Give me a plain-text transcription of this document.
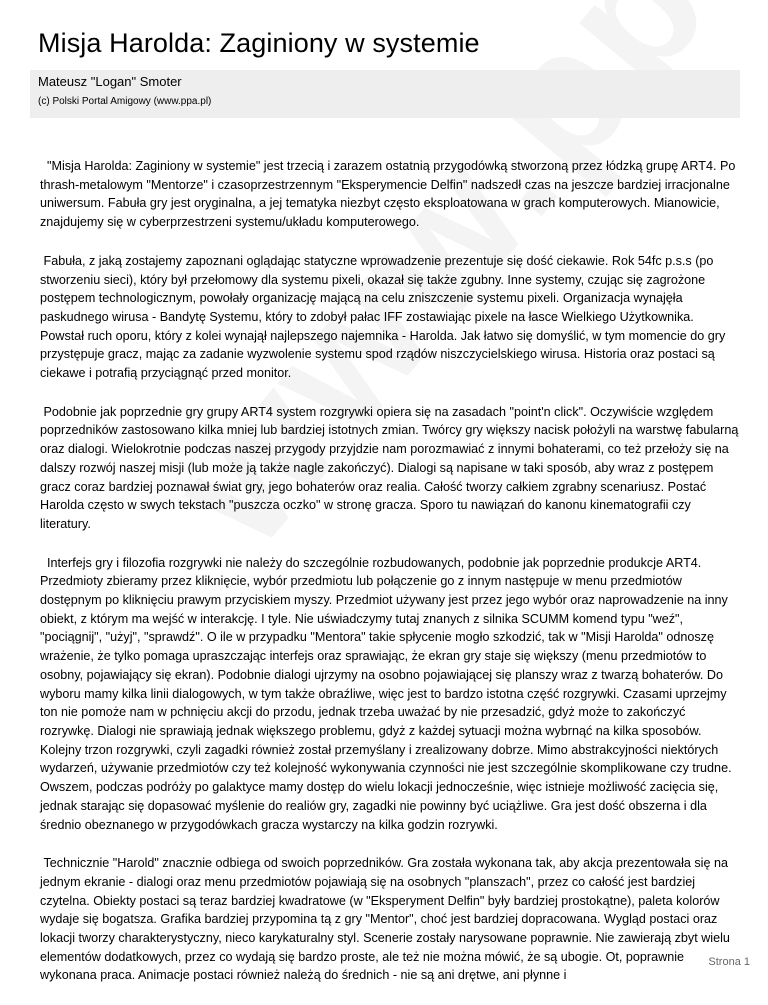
Misja Harolda: Zaginiony w systemie
Mateusz "Logan" Smoter
(c) Polski Portal Amigowy (www.ppa.pl)

"Misja Harolda: Zaginiony w systemie" jest trzecią i zarazem ostatnią przygodówką stworzoną przez łódzką grupę ART4. Po thrash-metalowym "Mentorze" i czasoprzestrzennym "Eksperymencie Delfin" nadszedł czas na jeszcze bardziej irracjonalne uniwersum. Fabuła gry jest oryginalna, a jej tematyka niezbyt często eksploatowana w grach komputerowych. Mianowicie, znajdujemy się w cyberprzestrzeni systemu/układu komputerowego.

Fabuła, z jaką zostajemy zapoznani oglądając statyczne wprowadzenie prezentuje się dość ciekawie. Rok 54fc p.s.s (po stworzeniu sieci), który był przełomowy dla systemu pixeli, okazał się także zgubny. Inne systemy, czując się zagrożone postępem technologicznym, powołały organizację mającą na celu zniszczenie systemu pixeli. Organizacja wynajęła paskudnego wirusa - Bandytę Systemu, który to zdobył pałac IFF zostawiając pixele na łasce Wielkiego Użytkownika. Powstał ruch oporu, który z kolei wynajął najlepszego najemnika - Harolda. Jak łatwo się domyślić, w tym momencie do gry przystępuje gracz, mając za zadanie wyzwolenie systemu spod rządów niszczycielskiego wirusa. Historia oraz postaci są ciekawe i potrafią przyciągnąć przed monitor.

Podobnie jak poprzednie gry grupy ART4 system rozgrywki opiera się na zasadach "point'n click". Oczywiście względem poprzedników zastosowano kilka mniej lub bardziej istotnych zmian. Twórcy gry większy nacisk położyli na warstwę fabularną oraz dialogi. Wielokrotnie podczas naszej przygody przyjdzie nam porozmawiać z innymi bohaterami, co też przełoży się na dalszy rozwój naszej misji (lub może ją także nagle zakończyć). Dialogi są napisane w taki sposób, aby wraz z postępem gracz coraz bardziej poznawał świat gry, jego bohaterów oraz realia. Całość tworzy całkiem zgrabny scenariusz. Postać Harolda często w swych tekstach "puszcza oczko" w stronę gracza. Sporo tu nawiązań do kanonu kinematografii czy literatury.

Interfejs gry i filozofia rozgrywki nie należy do szczególnie rozbudowanych, podobnie jak poprzednie produkcje ART4. Przedmioty zbieramy przez kliknięcie, wybór przedmiotu lub połączenie go z innym następuje w menu przedmiotów dostępnym po kliknięciu prawym przyciskiem myszy. Przedmiot używany jest przez jego wybór oraz naprowadzenie na inny obiekt, z którym ma wejść w interakcję. I tyle. Nie uświadczymy tutaj znanych z silnika SCUMM komend typu "weź", "pociągnij", "użyj", "sprawdź". O ile w przypadku "Mentora" takie spłycenie mogło szkodzić, tak w "Misji Harolda" odnoszę wrażenie, że tylko pomaga upraszczając interfejs oraz sprawiając, że ekran gry staje się większy (menu przedmiotów to osobny, pojawiający się ekran). Podobnie dialogi ujrzymy na osobno pojawiającej się planszy wraz z twarzą bohaterów. Do wyboru mamy kilka linii dialogowych, w tym także obraźliwe, więc jest to bardzo istotna część rozgrywki. Czasami uprzejmy ton nie pomoże nam w pchnięciu akcji do przodu, jednak trzeba uważać by nie przesadzić, gdyż może to zakończyć rozrywkę. Dialogi nie sprawiają jednak większego problemu, gdyż z każdej sytuacji można wybrnąć na kilka sposobów. Kolejny trzon rozgrywki, czyli zagadki również został przemyślany i zrealizowany dobrze. Mimo abstrakcyjności niektórych wydarzeń, używanie przedmiotów czy też kolejność wykonywania czynności nie jest szczególnie skomplikowane czy trudne. Owszem, podczas podróży po galaktyce mamy dostęp do wielu lokacji jednocześnie, więc istnieje możliwość zacięcia się, jednak starając się dopasować myślenie do realiów gry, zagadki nie powinny być uciążliwe. Gra jest dość obszerna i dla średnio obeznanego w przygodówkach gracza wystarczy na kilka godzin rozrywki.

Technicznie "Harold" znacznie odbiega od swoich poprzedników. Gra została wykonana tak, aby akcja prezentowała się na jednym ekranie - dialogi oraz menu przedmiotów pojawiają się na osobnych "planszach", przez co całość jest bardziej czytelna. Obiekty postaci są teraz bardziej kwadratowe (w "Eksperyment Delfin" były bardziej prostokątne), paleta kolorów wydaje się bogatsza. Grafika bardziej przypomina tą z gry "Mentor", choć jest bardziej dopracowana. Wygląd postaci oraz lokacji tworzy charakterystyczny, nieco karykaturalny styl. Scenerie zostały narysowane poprawnie. Nie zawierają zbyt wielu elementów dodatkowych, przez co wydają się bardzo proste, ale też nie można mówić, że są ubogie. Ot, poprawnie wykonana praca. Animacje postaci również należą do średnich - nie są ani drętwe, ani płynne i

Strona 1
